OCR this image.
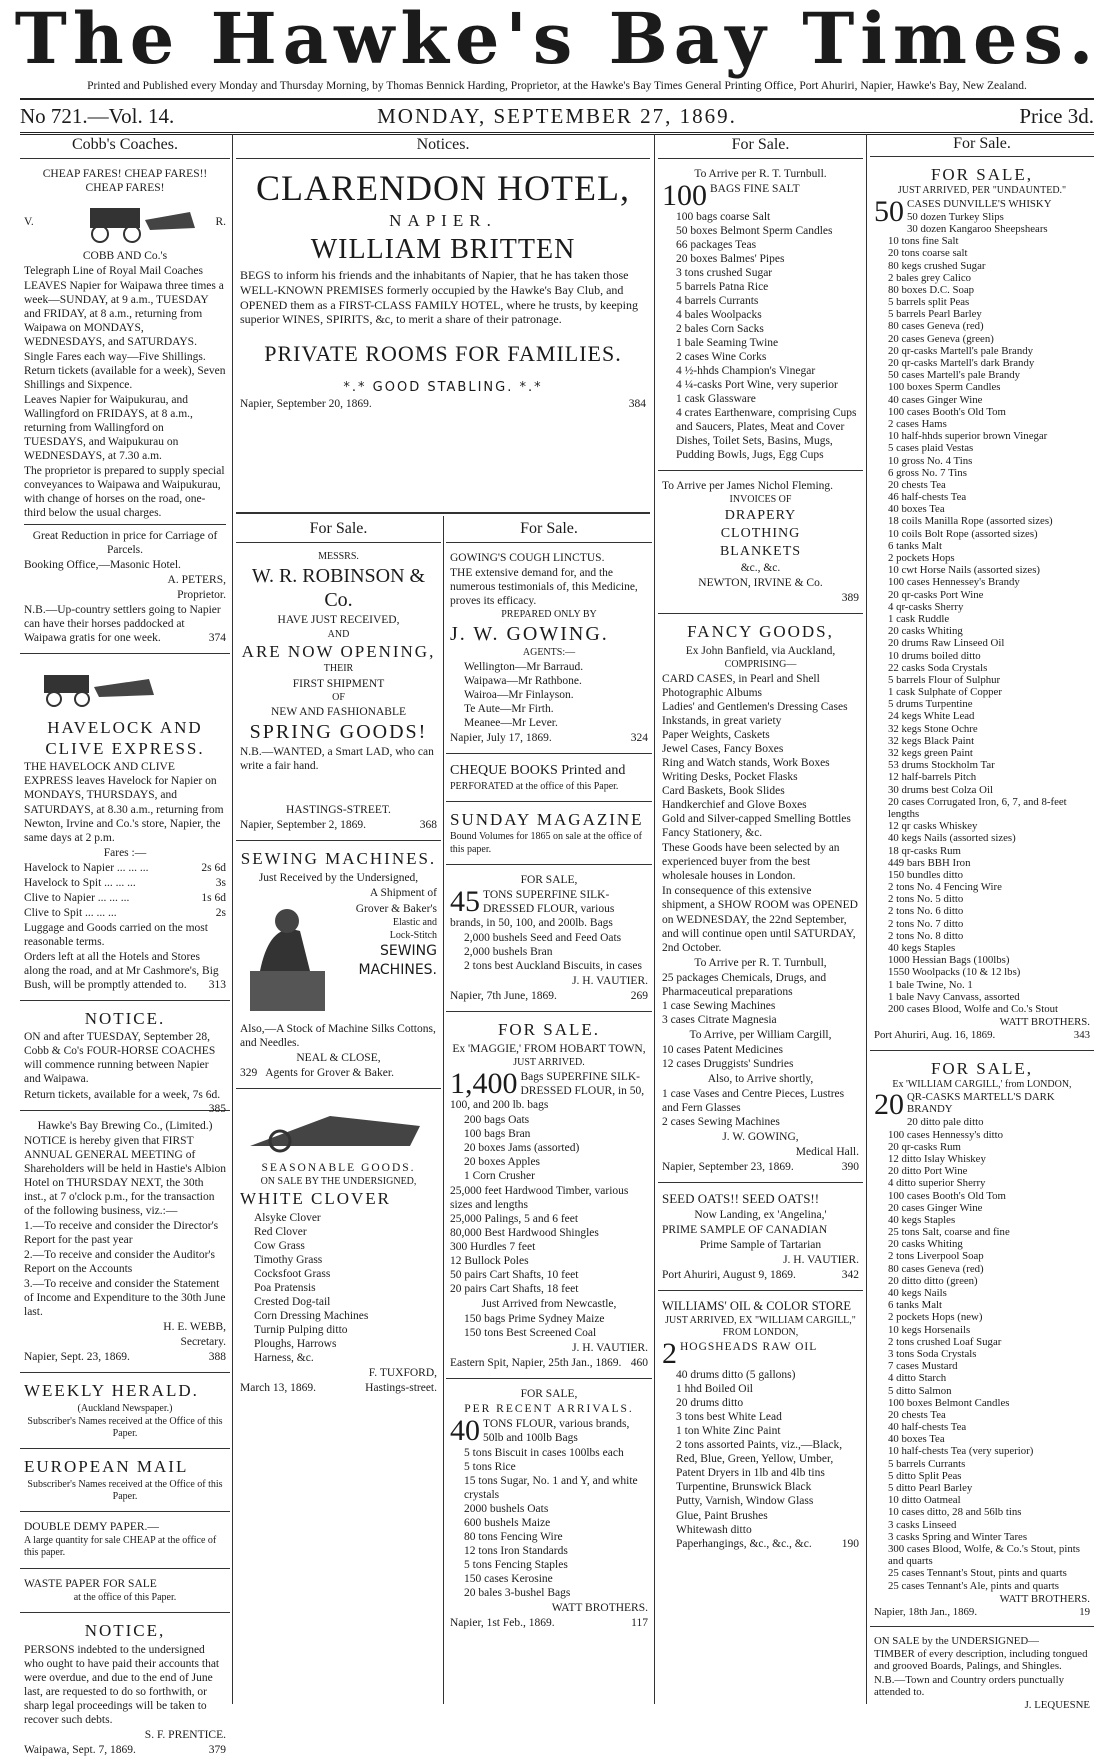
The Hawke's Bay Times.
Printed and Published every Monday and Thursday Morning, by Thomas Bennick Harding, Proprietor, at the Hawke's Bay Times General Printing Office, Port Ahuriri, Napier, Hawke's Bay, New Zealand.
No 721.—Vol. 14.	MONDAY, SEPTEMBER 27, 1869.	Price 3d.
Cobb's Coaches.

CHEAP FARES! CHEAP FARES!! CHEAP FARES!

V.	R.

COBB AND Co.'s

Telegraph Line of Royal Mail Coaches

LEAVES Napier for Waipawa three times a week—SUNDAY, at 9 a.m., TUESDAY and FRIDAY, at 8 a.m., returning from Waipawa on MONDAYS, WEDNESDAYS, and SATURDAYS.

Single Fares each way—Five Shillings. Return tickets (available for a week), Seven Shillings and Sixpence.

Leaves Napier for Waipukurau, and Wallingford on FRIDAYS, at 8 a.m., returning from Wallingford on TUESDAYS, and Waipukurau on WEDNESDAYS, at 7.30 a.m.

The proprietor is prepared to supply special conveyances to Waipawa and Waipukurau, with change of horses on the road, one-third below the usual charges.

Great Reduction in price for Carriage of Parcels.

Booking Office,—Masonic Hotel.

A. PETERS,

Proprietor.

N.B.—Up-country settlers going to Napier can have their horses paddocked at Waipawa gratis for one week.	374

HAVELOCK AND CLIVE EXPRESS.

THE HAVELOCK AND CLIVE EXPRESS leaves Havelock for Napier on MONDAYS, THURSDAYS, and SATURDAYS, at 8.30 a.m., returning from Newton, Irvine and Co.'s store, Napier, the same days at 2 p.m.

Fares :—

Havelock to Napier ... ... ...	2s 6d

Havelock to Spit ... ... ...	3s

Clive to Napier ... ... ...	1s 6d

Clive to Spit ... ... ...	2s

Luggage and Goods carried on the most reasonable terms.

Orders left at all the Hotels and Stores along the road, and at Mr Cashmore's, Big Bush, will be promptly attended to. 313

NOTICE.

ON and after TUESDAY, September 28, Cobb & Co's FOUR-HORSE COACHES will commence running between Napier and Waipawa.

Return tickets, available for a week, 7s 6d.
385

Hawke's Bay Brewing Co., (Limited.)

NOTICE is hereby given that FIRST ANNUAL GENERAL MEETING of Shareholders will be held in Hastie's Albion Hotel on THURSDAY NEXT, the 30th inst., at 7 o'clock p.m., for the transaction of the following business, viz.:—

1.—To receive and consider the Director's Report for the past year

2.—To receive and consider the Auditor's Report on the Accounts

3.—To receive and consider the Statement of Income and Expenditure to the 30th June last.

H. E. WEBB,

Secretary.

Napier, Sept. 23, 1869.	388

WEEKLY HERALD.

(Auckland Newspaper.)

Subscriber's Names received at the Office of this Paper.

EUROPEAN MAIL

Subscriber's Names received at the Office of this Paper.

DOUBLE DEMY PAPER.—

A large quantity for sale CHEAP at the office of this paper.

WASTE PAPER FOR SALE

at the office of this Paper.

NOTICE,

PERSONS indebted to the undersigned who ought to have paid their accounts that were overdue, and due to the end of June last, are requested to do so forthwith, or sharp legal proceedings will be taken to recover such debts.

S. F. PRENTICE.

Waipawa, Sept. 7, 1869.	379

Notices.

CLARENDON HOTEL,

NAPIER.

WILLIAM BRITTEN

BEGS to inform his friends and the inhabitants of Napier, that he has taken those WELL-KNOWN PREMISES formerly occupied by the Hawke's Bay Club, and OPENED them as a FIRST-CLASS FAMILY HOTEL, where he trusts, by keeping superior WINES, SPIRITS, &c, to merit a share of their patronage.

PRIVATE ROOMS FOR FAMILIES.

*.* GOOD STABLING. *.*

Napier, September 20, 1869.	384

For Sale.

MESSRS.

W. R. ROBINSON & Co.

HAVE JUST RECEIVED,

AND

ARE NOW OPENING,

THEIR

FIRST SHIPMENT

OF

NEW AND FASHIONABLE

SPRING GOODS!

N.B.—WANTED, a Smart LAD, who can write a fair hand.

HASTINGS-STREET.

Napier, September 2, 1869.	368

SEWING MACHINES.

Just Received by the Undersigned,

A Shipment of

Grover & Baker's

Elastic and

Lock-Stitch

SEWING

MACHINES.

Also,—A Stock of Machine Silks Cottons, and Needles.

NEAL & CLOSE,

329 Agents for Grover & Baker.

SEASONABLE GOODS.

ON SALE BY THE UNDERSIGNED,

WHITE CLOVER

Alsyke Clover
Red Clover
Cow Grass
Timothy Grass
Cocksfoot Grass
Poa Pratensis
Crested Dog-tail
Corn Dressing Machines
Turnip Pulping ditto
Ploughs, Harrows
Harness, &c.

F. TUXFORD,

March 13, 1869.	Hastings-street.

For Sale.

GOWING'S COUGH LINCTUS.

THE extensive demand for, and the numerous testimonials of, this Medicine, proves its efficacy.

PREPARED ONLY BY

J. W. GOWING.

AGENTS:—

Wellington—Mr Barraud.
Waipawa—Mr Rathbone.
Wairoa—Mr Finlayson.
Te Aute—Mr Firth.
Meanee—Mr Lever.

Napier, July 17, 1869.	324

CHEQUE BOOKS Printed and

PERFORATED at the office of this Paper.

SUNDAY MAGAZINE

Bound Volumes for 1865 on sale at the office of this paper.

FOR SALE,

45 TONS SUPERFINE SILK-DRESSED FLOUR, various brands, in 50, 100, and 200lb. Bags

2,000 bushels Seed and Feed Oats
2,000 bushels Bran
2 tons best Auckland Biscuits, in cases

J. H. VAUTIER.

Napier, 7th June, 1869.	269

FOR SALE.

Ex 'MAGGIE,' FROM HOBART TOWN,

JUST ARRIVED.

1,400 Bags SUPERFINE SILK-DRESSED FLOUR, in 50, 100, and 200 lb. bags

200 bags Oats
100 bags Bran
20 boxes Jams (assorted)
20 boxes Apples
1 Corn Crusher
25,000 feet Hardwood Timber, various sizes and lengths
25,000 Palings, 5 and 6 feet
80,000 Best Hardwood Shingles
300 Hurdles 7 feet
12 Bullock Poles
50 pairs Cart Shafts, 10 feet
20 pairs Cart Shafts, 18 feet

Just Arrived from Newcastle,

150 bags Prime Sydney Maize
150 tons Best Screened Coal

J. H. VAUTIER.

Eastern Spit, Napier, 25th Jan., 1869. 460

FOR SALE,

PER RECENT ARRIVALS.

40 TONS FLOUR, various brands, 50lb and 100lb Bags

5 tons Biscuit in cases 100lbs each
5 tons Rice
15 tons Sugar, No. 1 and Y, and white crystals
2000 bushels Oats
600 bushels Maize
80 tons Fencing Wire
12 tons Iron Standards
5 tons Fencing Staples
150 cases Kerosine
20 bales 3-bushel Bags

WATT BROTHERS.

Napier, 1st Feb., 1869.	117

For Sale.

To Arrive per R. T. Turnbull.

100 BAGS FINE SALT

100 bags coarse Salt
50 boxes Belmont Sperm Candles
66 packages Teas
20 boxes Balmes' Pipes
3 tons crushed Sugar
5 barrels Patna Rice
4 barrels Currants
4 bales Woolpacks
2 bales Corn Sacks
1 bale Seaming Twine
2 cases Wine Corks
4 ½-hhds Champion's Vinegar
4 ¼-casks Port Wine, very superior
1 cask Glassware
4 crates Earthenware, comprising Cups and Saucers, Plates, Meat and Cover Dishes, Toilet Sets, Basins, Mugs, Pudding Bowls, Jugs, Egg Cups

To Arrive per James Nichol Fleming.

INVOICES OF

DRAPERY

CLOTHING

BLANKETS

&c., &c.

NEWTON, IRVINE & Co.

389

FANCY GOODS,

Ex John Banfield, via Auckland,

COMPRISING—

CARD CASES, in Pearl and Shell
Photographic Albums
Ladies' and Gentlemen's Dressing Cases
Inkstands, in great variety
Paper Weights, Caskets
Jewel Cases, Fancy Boxes
Ring and Watch stands, Work Boxes
Writing Desks, Pocket Flasks
Card Baskets, Book Slides
Handkerchief and Glove Boxes
Gold and Silver-capped Smelling Bottles
Fancy Stationery, &c.

These Goods have been selected by an experienced buyer from the best wholesale houses in London.

In consequence of this extensive shipment, a SHOW ROOM was OPENED on WEDNESDAY, the 22nd September, and will continue open until SATURDAY, 2nd October.

To Arrive per R. T. Turnbull,

25 packages Chemicals, Drugs, and Pharmaceutical preparations
1 case Sewing Machines
3 cases Citrate Magnesia

To Arrive, per William Cargill,

10 cases Patent Medicines
12 cases Druggists' Sundries

Also, to Arrive shortly,

1 case Vases and Centre Pieces, Lustres and Fern Glasses
2 cases Sewing Machines

J. W. GOWING,

Medical Hall.

Napier, September 23, 1869.	390

SEED OATS!! SEED OATS!!

Now Landing, ex 'Angelina,'

PRIME SAMPLE OF CANADIAN

Prime Sample of Tartarian

J. H. VAUTIER.

Port Ahuriri, August 9, 1869.	342

WILLIAMS' OIL & COLOR STORE

JUST ARRIVED, EX "WILLIAM CARGILL," FROM LONDON,

2 HOGSHEADS RAW OIL

40 drums ditto (5 gallons)
1 hhd Boiled Oil
20 drums ditto
3 tons best White Lead
1 ton White Zinc Paint
2 tons assorted Paints, viz.,—Black, Red, Blue, Green, Yellow, Umber, Patent Dryers in 1lb and 4lb tins
Turpentine, Brunswick Black
Putty, Varnish, Window Glass
Glue, Paint Brushes
Whitewash ditto
Paperhangings, &c., &c., &c.	190
For Sale.

FOR SALE,

JUST ARRIVED, PER "UNDAUNTED."

50 CASES DUNVILLE'S WHISKY

50 dozen Turkey Slips
30 dozen Kangaroo Sheepshears
10 tons fine Salt
20 tons coarse salt
80 kegs crushed Sugar
2 bales grey Calico
80 boxes D.C. Soap
5 barrels split Peas
5 barrels Pearl Barley
80 cases Geneva (red)
20 cases Geneva (green)
20 qr-casks Martell's pale Brandy
20 qr-casks Martell's dark Brandy
50 cases Martell's pale Brandy
100 boxes Sperm Candles
40 cases Ginger Wine
100 cases Booth's Old Tom
2 cases Hams
10 half-hhds superior brown Vinegar
5 cases plaid Vestas
10 gross No. 4 Tins
6 gross No. 7 Tins
20 chests Tea
46 half-chests Tea
40 boxes Tea
18 coils Manilla Rope (assorted sizes)
10 coils Bolt Rope (assorted sizes)
6 tanks Malt
2 pockets Hops
10 cwt Horse Nails (assorted sizes)
100 cases Hennessey's Brandy
20 qr-casks Port Wine
4 qr-casks Sherry
1 cask Ruddle
20 casks Whiting
20 drums Raw Linseed Oil
10 drums boiled ditto
22 casks Soda Crystals
5 barrels Flour of Sulphur
1 cask Sulphate of Copper
5 drums Turpentine
24 kegs White Lead
32 kegs Stone Ochre
32 kegs Black Paint
32 kegs green Paint
53 drums Stockholm Tar
12 half-barrels Pitch
30 drums best Colza Oil
20 cases Corrugated Iron, 6, 7, and 8-feet lengths
12 qr casks Whiskey
40 kegs Nails (assorted sizes)
18 qr-casks Rum
449 bars BBH Iron
150 bundles ditto
2 tons No. 4 Fencing Wire
2 tons No. 5 ditto
2 tons No. 6 ditto
2 tons No. 7 ditto
2 tons No. 8 ditto
40 kegs Staples
1000 Hessian Bags (100lbs)
1550 Woolpacks (10 & 12 lbs)
1 bale Twine, No. 1
1 bale Navy Canvass, assorted
200 cases Blood, Wolfe and Co.'s Stout

WATT BROTHERS.

Port Ahuriri, Aug. 16, 1869.	343

FOR SALE,

Ex 'WILLIAM CARGILL,' from LONDON,

20 QR-CASKS MARTELL'S DARK BRANDY

20 ditto pale ditto
100 cases Hennessy's ditto
20 qr-casks Rum
12 ditto Islay Whiskey
20 ditto Port Wine
4 ditto superior Sherry
100 cases Booth's Old Tom
20 cases Ginger Wine
40 kegs Staples
25 tons Salt, coarse and fine
20 casks Whiting
2 tons Liverpool Soap
80 cases Geneva (red)
20 ditto ditto (green)
40 kegs Nails
6 tanks Malt
2 pockets Hops (new)
10 kegs Horsenails
2 tons crushed Loaf Sugar
3 tons Soda Crystals
7 cases Mustard
4 ditto Starch
5 ditto Salmon
100 boxes Belmont Candles
20 chests Tea
40 half-chests Tea
40 boxes Tea
10 half-chests Tea (very superior)
5 barrels Currants
5 ditto Split Peas
5 ditto Pearl Barley
10 ditto Oatmeal
10 cases ditto, 28 and 56lb tins
3 casks Linseed
3 casks Spring and Winter Tares
300 cases Blood, Wolfe, & Co.'s Stout, pints and quarts
25 cases Tennant's Stout, pints and quarts
25 cases Tennant's Ale, pints and quarts

WATT BROTHERS.

Napier, 18th Jan., 1869.	19

ON SALE by the UNDERSIGNED—

TIMBER of every description, including tongued and grooved Boards, Palings, and Shingles.

N.B.—Town and Country orders punctually attended to.

J. LEQUESNE
